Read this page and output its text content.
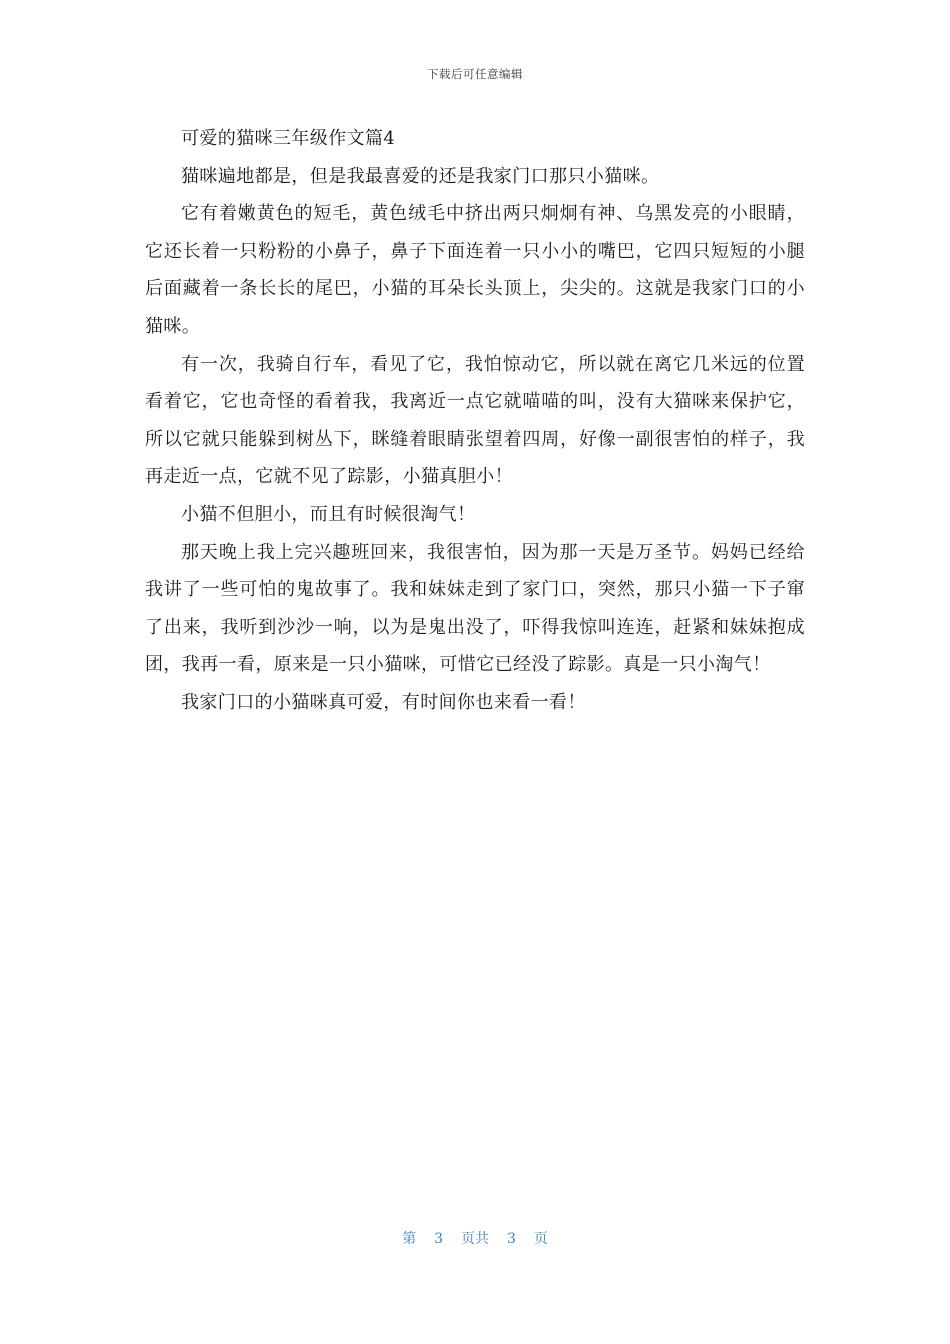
下载后可任意编辑

可爱的猫咪三年级作文篇4

猫咪遍地都是，但是我最喜爱的还是我家门口那只小猫咪。

它有着嫩黄色的短毛，黄色绒毛中挤出两只炯炯有神、乌黑发亮的小眼睛，它还长着一只粉粉的小鼻子，鼻子下面连着一只小小的嘴巴，它四只短短的小腿后面藏着一条长长的尾巴，小猫的耳朵长头顶上，尖尖的。这就是我家门口的小猫咪。

有一次，我骑自行车，看见了它，我怕惊动它，所以就在离它几米远的位置看着它，它也奇怪的看着我，我离近一点它就喵喵的叫，没有大猫咪来保护它，所以它就只能躲到树丛下，眯缝着眼睛张望着四周，好像一副很害怕的样子，我再走近一点，它就不见了踪影，小猫真胆小！

小猫不但胆小，而且有时候很淘气！

那天晚上我上完兴趣班回来，我很害怕，因为那一天是万圣节。妈妈已经给我讲了一些可怕的鬼故事了。我和妹妹走到了家门口，突然，那只小猫一下子窜了出来，我听到沙沙一响，以为是鬼出没了，吓得我惊叫连连，赶紧和妹妹抱成团，我再一看，原来是一只小猫咪，可惜它已经没了踪影。真是一只小淘气！

我家门口的小猫咪真可爱，有时间你也来看一看！

第 3 页共 3 页
